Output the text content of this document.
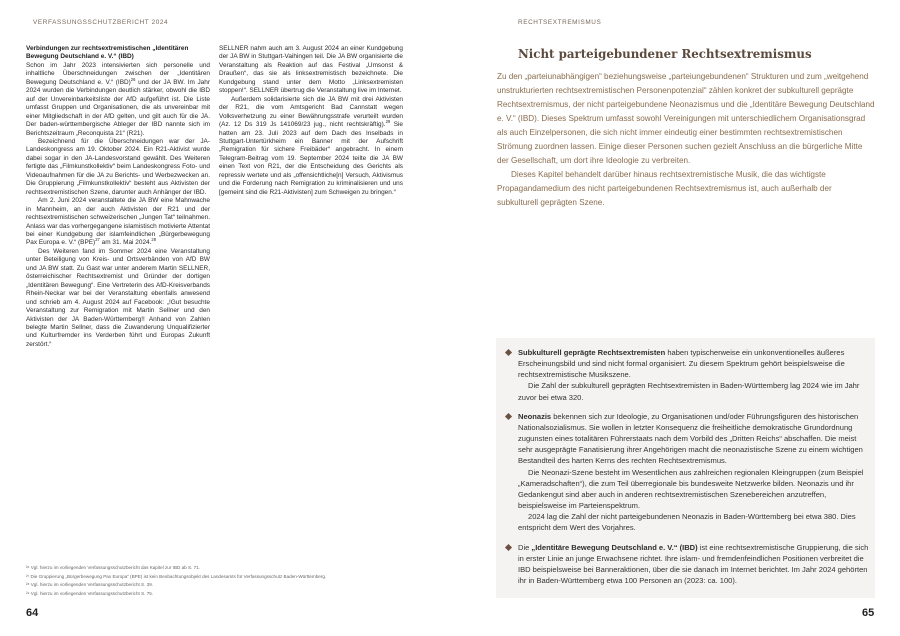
VERFASSUNGSSCHUTZBERICHT 2024

Verbindungen zur rechtsextremistischen „Identitären Bewegung Deutschland e. V.“ (IBD)

Schon im Jahr 2023 intensivierten sich personelle und inhaltliche Überschneidungen zwischen der „Identitären Bewegung Deutschland e. V.“ (IBD)$^{26}$ und der JA BW. Im Jahr 2024 wurden die Verbindungen deutlich stärker, obwohl die IBD auf der Unvereinbarkeitsliste der AfD aufgeführt ist. Die Liste umfasst Gruppen und Organisationen, die als unvereinbar mit einer Mitgliedschaft in der AfD gelten, und gilt auch für die JA. Der baden-württembergische Ableger der IBD nannte sich im Berichtszeitraum „Reconquista 21“ (R21).

Bezeichnend für die Überschneidungen war der JA-Landeskongress am 19. Oktober 2024. Ein R21-Aktivist wurde dabei sogar in den JA-Landesvorstand gewählt. Des Weiteren fertigte das „Filmkunstkollektiv“ beim Landeskongress Foto- und Videoaufnahmen für die JA zu Berichts- und Werbezwecken an. Die Gruppierung „Filmkunstkollektiv“ besteht aus Aktivisten der rechtsextremistischen Szene, darunter auch Anhänger der IBD.

Am 2. Juni 2024 veranstaltete die JA BW eine Mahnwache in Mannheim, an der auch Aktivisten der R21 und der rechtsextremistischen schweizerischen „Jungen Tat“ teilnahmen. Anlass war das vorhergegangene islamistisch motivierte Attentat bei einer Kundgebung der islamfeindlichen „Bürgerbewegung Pax Europa e. V.“ (BPE)$^{27}$ am 31. Mai 2024.28

Des Weiteren fand im Sommer 2024 eine Veranstaltung unter Beteiligung von Kreis- und Ortsverbänden von AfD BW und JA BW statt. Zu Gast war unter anderem Martin SELLNER, österreichischer Rechtsextremist und Gründer der dortigen „Identitären Bewegung“. Eine Vertreterin des AfD-Kreisverbands Rhein-Neckar war bei der Veranstaltung ebenfalls anwesend und schrieb am 4. August 2024 auf Facebook: „!Gut besuchte Veranstaltung zur Remigration mit Martin Sellner und den Aktivisten der JA Baden-Württemberg!! Anhand von Zahlen belegte Martin Sellner, dass die Zuwanderung Unqualifizierter und Kulturfremder ins Verderben führt und Europas Zukunft zerstört.“

SELLNER nahm auch am 3. August 2024 an einer Kundgebung der JA BW in Stuttgart-Vaihingen teil. Die JA BW organisierte die Veranstaltung als Reaktion auf das Festival „Umsonst & Draußen“, das sie als linksextremistisch bezeichnete. Die Kundgebung stand unter dem Motto „Linksextremisten stoppen!“. SELLNER übertrug die Veranstaltung live im Internet.

Außerdem solidarisierte sich die JA BW mit drei Aktivisten der R21, die vom Amtsgericht Bad Cannstatt wegen Volksverhetzung zu einer Bewährungsstrafe verurteilt wurden (Az. 12 Ds 319 Js 141069/23 jug., nicht rechtskräftig).$^{29}$ Sie hatten am 23. Juli 2023 auf dem Dach des Inselbads in Stuttgart-Untertürkheim ein Banner mit der Aufschrift „Remigration für sichere Freibäder“ angebracht. In einem Telegram-Beitrag vom 19. September 2024 teilte die JA BW einen Text von R21, der die Entscheidung des Gerichts als repressiv wertete und als „offensichtliche[n] Versuch, Aktivismus und die Forderung nach Remigration zu kriminalisieren und uns [gemeint sind die R21-Aktivisten] zum Schweigen zu bringen.“

²⁶ Vgl. hierzu im vorliegenden Verfassungsschutzbericht das Kapitel zur IBD ab S. 71.
²⁷ Die Gruppierung „Bürgerbewegung Pax Europa“ (BPE) ist kein Beobachtungsobjekt des Landesamts für Verfassungsschutz Baden-Württemberg.
²⁸ Vgl. hierzu im vorliegenden Verfassungsschutzbericht S. 39.
²⁹ Vgl. hierzu im vorliegenden Verfassungsschutzbericht S. 75.
64
RECHTSEXTREMISMUS
Nicht parteigebundener Rechtsextremismus

Zu den „parteiunabhängigen“ beziehungsweise „parteiungebundenen“ Strukturen und zum „weitgehend unstrukturierten rechtsextremistischen Personenpotenzial“ zählen konkret der subkulturell geprägte Rechtsextremismus, der nicht parteigebundene Neonazismus und die „Identitäre Bewegung Deutschland e. V.“ (IBD). Dieses Spektrum umfasst sowohl Vereinigungen mit unterschiedlichem Organisationsgrad als auch Einzelpersonen, die sich nicht immer eindeutig einer bestimmten rechtsextremistischen Strömung zuordnen lassen. Einige dieser Personen suchen gezielt Anschluss an die bürgerliche Mitte der Gesellschaft, um dort ihre Ideologie zu verbreiten.

Dieses Kapitel behandelt darüber hinaus rechtsextremistische Musik, die das wichtigste Propagandamedium des nicht parteigebundenen Rechtsextremismus ist, auch außerhalb der subkulturell geprägten Szene.

Subkulturell geprägte Rechtsextremisten haben typischerweise ein unkonventionelles äußeres Erscheinungsbild und sind nicht formal organisiert. Zu diesem Spektrum gehört beispielsweise die rechtsextremistische Musikszene.

Die Zahl der subkulturell geprägten Rechtsextremisten in Baden-Württemberg lag 2024 wie im Jahr zuvor bei etwa 320.

Neonazis bekennen sich zur Ideologie, zu Organisationen und/oder Führungsfiguren des historischen Nationalsozialismus. Sie wollen in letzter Konsequenz die freiheitliche demokratische Grundordnung zugunsten eines totalitären Führerstaats nach dem Vorbild des „Dritten Reichs“ abschaffen. Die meist sehr ausgeprägte Fanatisierung ihrer Angehörigen macht die neonazistische Szene zu einem wichtigen Bestandteil des harten Kerns des rechten Rechtsextremismus.

Die Neonazi-Szene besteht im Wesentlichen aus zahlreichen regionalen Kleingruppen (zum Beispiel „Kameradschaften“), die zum Teil überregionale bis bundesweite Netzwerke bilden. Neonazis und ihr Gedankengut sind aber auch in anderen rechtsextremistischen Szenebereichen anzutreffen, beispielsweise im Parteienspektrum.

2024 lag die Zahl der nicht parteigebundenen Neonazis in Baden-Württemberg bei etwa 380. Dies entspricht dem Wert des Vorjahres.

Die „Identitäre Bewegung Deutschland e. V.“ (IBD) ist eine rechtsextremistische Gruppierung, die sich in erster Linie an junge Erwachsene richtet. Ihre islam- und fremdenfeindlichen Positionen verbreitet die IBD beispielsweise bei Banneraktionen, über die sie danach im Internet berichtet. Im Jahr 2024 gehörten ihr in Baden-Württemberg etwa 100 Personen an (2023: ca. 100).

65
